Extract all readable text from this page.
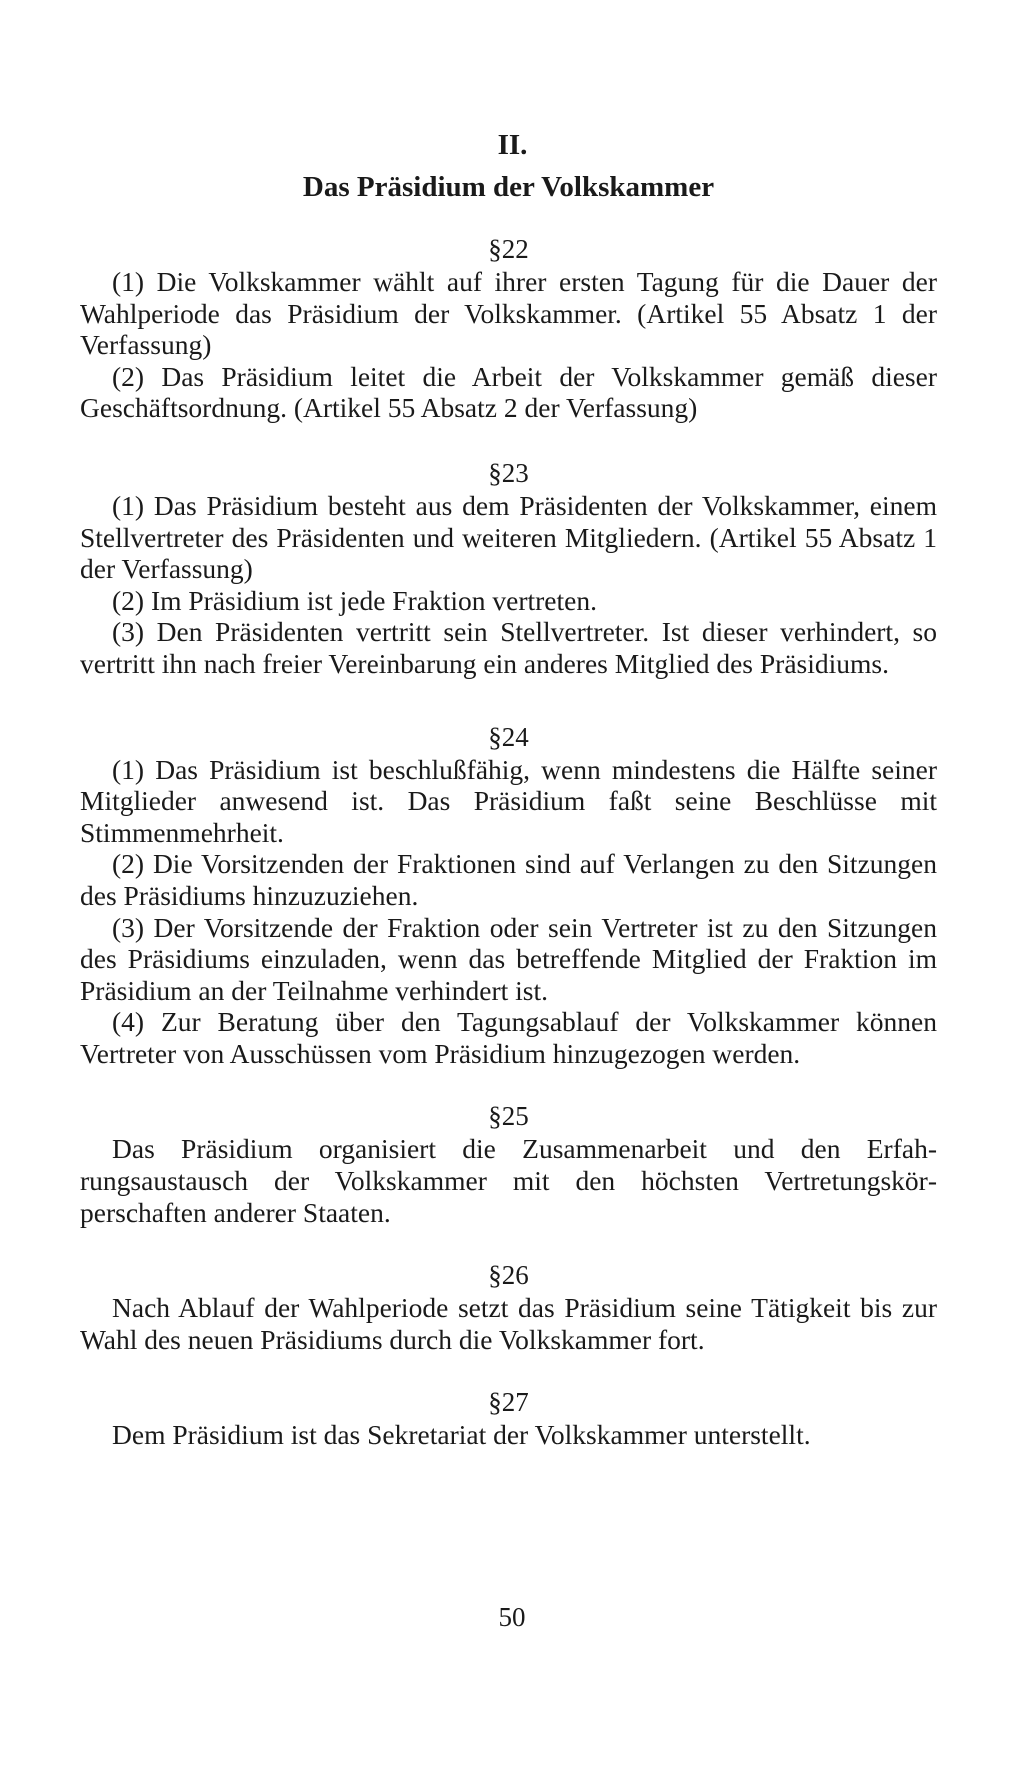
II.
Das Präsidium der Volkskammer
§22

(1) Die Volkskammer wählt auf ihrer ersten Tagung für die Dauer der Wahlperiode das Präsidium der Volkskammer. (Artikel 55 Absatz 1 der Verfassung)

(2) Das Präsidium leitet die Arbeit der Volkskammer gemäß dieser Geschäftsordnung. (Artikel 55 Absatz 2 der Verfassung)

§23

(1) Das Präsidium besteht aus dem Präsidenten der Volkskammer, einem Stellvertreter des Präsidenten und weiteren Mitgliedern. (Artikel 55 Absatz 1 der Verfassung)

(2) Im Präsidium ist jede Fraktion vertreten.

(3) Den Präsidenten vertritt sein Stellvertreter. Ist dieser verhindert, so vertritt ihn nach freier Vereinbarung ein anderes Mitglied des Präsidiums.

§24

(1) Das Präsidium ist beschlußfähig, wenn mindestens die Hälfte seiner Mitglieder anwesend ist. Das Präsidium faßt seine Beschlüsse mit Stimmenmehrheit.

(2) Die Vorsitzenden der Fraktionen sind auf Verlangen zu den Sitzungen des Präsidiums hinzuzuziehen.

(3) Der Vorsitzende der Fraktion oder sein Vertreter ist zu den Sitzungen des Präsidiums einzuladen, wenn das betreffende Mitglied der Fraktion im Präsidium an der Teilnahme verhindert ist.

(4) Zur Beratung über den Tagungsablauf der Volkskammer können Vertreter von Ausschüssen vom Präsidium hinzugezogen werden.

§25

Das Präsidium organisiert die Zusammenarbeit und den Erfahrungsaustausch der Volkskammer mit den höchsten Vertretungskörperschaften anderer Staaten.

§26

Nach Ablauf der Wahlperiode setzt das Präsidium seine Tätigkeit bis zur Wahl des neuen Präsidiums durch die Volkskammer fort.

§27

Dem Präsidium ist das Sekretariat der Volkskammer unterstellt.

50
